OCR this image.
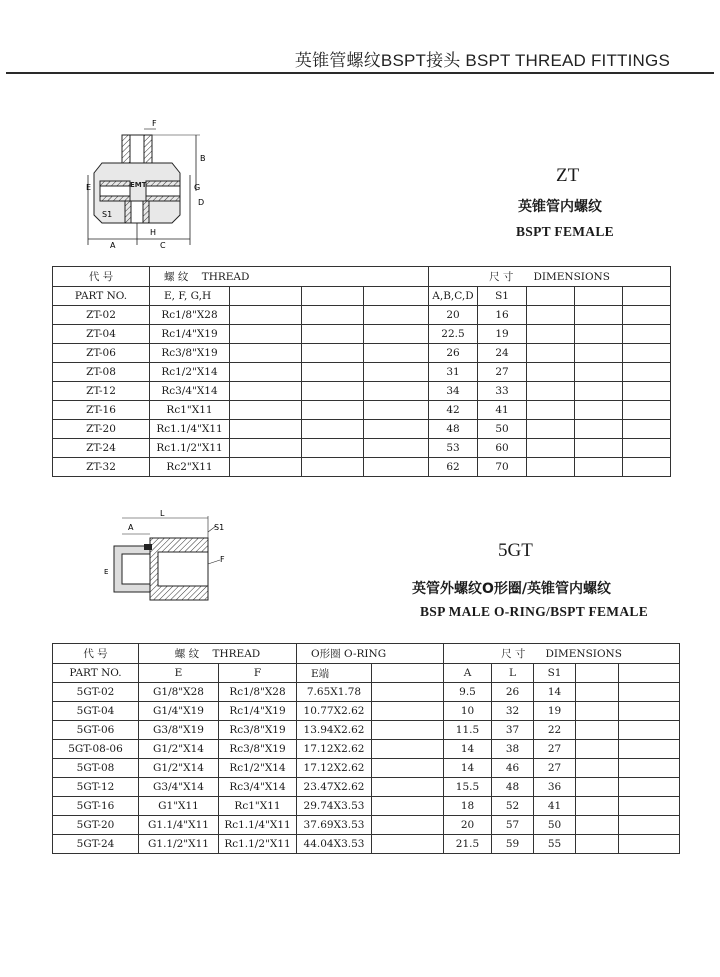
英锥管螺纹BSPT接头 BSPT THREAD FITTINGS
EMT
F
B
E	G
S1
D
H
A	C
ZT
英锥管内螺纹
BSPT FEMALE
代 号	螺 纹 THREAD				尺 寸 DIMENSIONS				
PART NO.	E, F, G,H				A,B,C,D	S1			
ZT-02	Rc1/8"X28				20	16			
ZT-04	Rc1/4"X19				22.5	19			
ZT-06	Rc3/8"X19				26	24			
ZT-08	Rc1/2"X14				31	27			
ZT-12	Rc3/4"X14				34	33			
ZT-16	Rc1"X11				42	41			
ZT-20	Rc1.1/4"X11				48	50			
ZT-24	Rc1.1/2"X11				53	60			
ZT-32	Rc2"X11				62	70			
A
L
S1
E
F	5GT
英管外螺纹O形圈/英锥管内螺纹
BSP MALE O-RING/BSPT FEMALE
代 号	螺 纹 THREAD		O形圈 O-RING		尺 寸 DIMENSIONS				
PART NO.	E	F	E端		A	L	S1		
5GT-02	G1/8"X28	Rc1/8"X28	7.65X1.78		9.5	26	14		
5GT-04	G1/4"X19	Rc1/4"X19	10.77X2.62		10	32	19		
5GT-06	G3/8"X19	Rc3/8"X19	13.94X2.62		11.5	37	22		
5GT-08-06	G1/2"X14	Rc3/8"X19	17.12X2.62		14	38	27		
5GT-08	G1/2"X14	Rc1/2"X14	17.12X2.62		14	46	27		
5GT-12	G3/4"X14	Rc3/4"X14	23.47X2.62		15.5	48	36		
5GT-16	G1"X11	Rc1"X11	29.74X3.53		18	52	41		
5GT-20	G1.1/4"X11	Rc1.1/4"X11	37.69X3.53		20	57	50		
5GT-24	G1.1/2"X11	Rc1.1/2"X11	44.04X3.53		21.5	59	55		
